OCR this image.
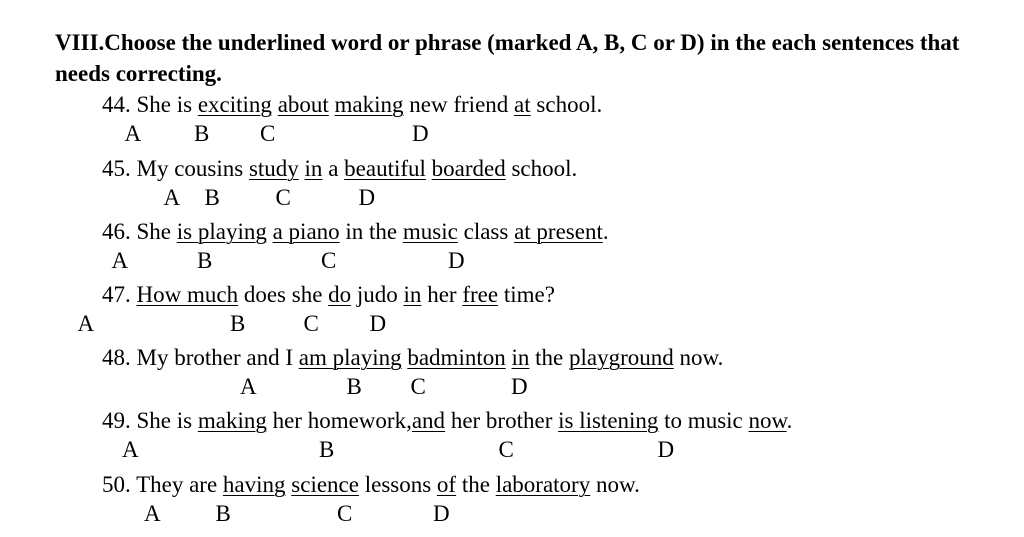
VIII.Choose the underlined word or phrase (marked A, B, C or D) in the each sentences that needs correcting.

44. She is exciting about making new friend at school.

A B C	D

45. My cousins study in a beautiful boarded school.

A B C	D

46. She is playing a piano in the music class at present.

A	B	C	D

47. How much does she do judo in her free time?

A	B	C D

48. My brother and I am playing badminton in the playground now.

A	B C	D

49. She is making her homework,and her brother is listening to music now.

A	B	C	D

50. They are having science lessons of the laboratory now.

A B	C	D
